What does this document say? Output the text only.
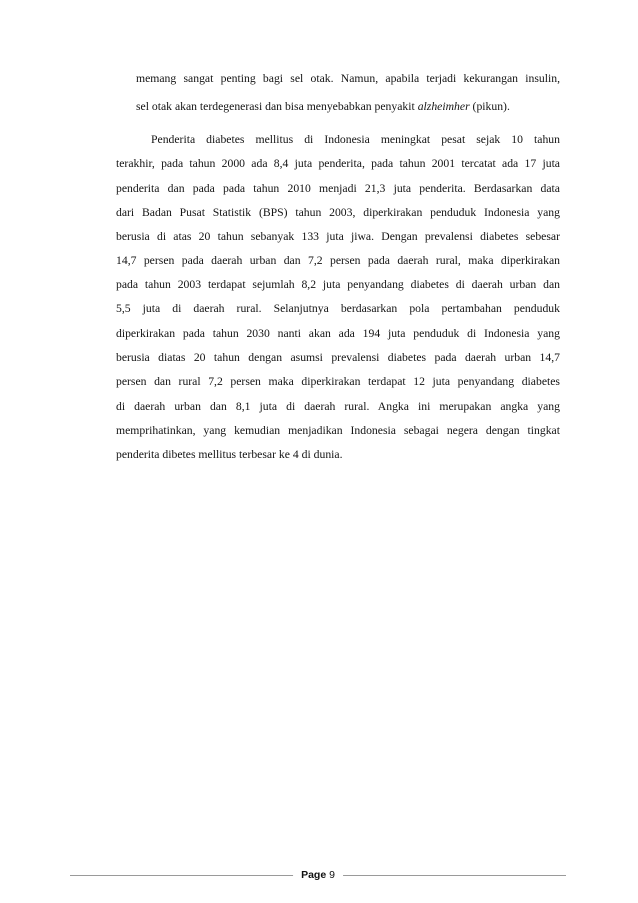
memang sangat penting bagi sel otak. Namun, apabila terjadi kekurangan insulin,
sel otak akan terdegenerasi dan bisa menyebabkan penyakit alzheimher (pikun).
Penderita diabetes mellitus di Indonesia meningkat pesat sejak 10 tahun
terakhir, pada tahun 2000 ada 8,4 juta penderita, pada tahun 2001 tercatat ada 17 juta
penderita dan pada pada tahun 2010 menjadi 21,3 juta penderita. Berdasarkan data
dari Badan Pusat Statistik (BPS) tahun 2003, diperkirakan penduduk Indonesia yang
berusia di atas 20 tahun sebanyak 133 juta jiwa. Dengan prevalensi diabetes sebesar
14,7 persen pada daerah urban dan 7,2 persen pada daerah rural, maka diperkirakan
pada tahun 2003 terdapat sejumlah 8,2 juta penyandang diabetes di daerah urban dan
5,5 juta di daerah rural. Selanjutnya berdasarkan pola pertambahan penduduk
diperkirakan pada tahun 2030 nanti akan ada 194 juta penduduk di Indonesia yang
berusia diatas 20 tahun dengan asumsi prevalensi diabetes pada daerah urban 14,7
persen dan rural 7,2 persen maka diperkirakan terdapat 12 juta penyandang diabetes
di daerah urban dan 8,1 juta di daerah rural. Angka ini merupakan angka yang
memprihatinkan, yang kemudian menjadikan Indonesia sebagai negera dengan tingkat
penderita dibetes mellitus terbesar ke 4 di dunia.
Page 9
